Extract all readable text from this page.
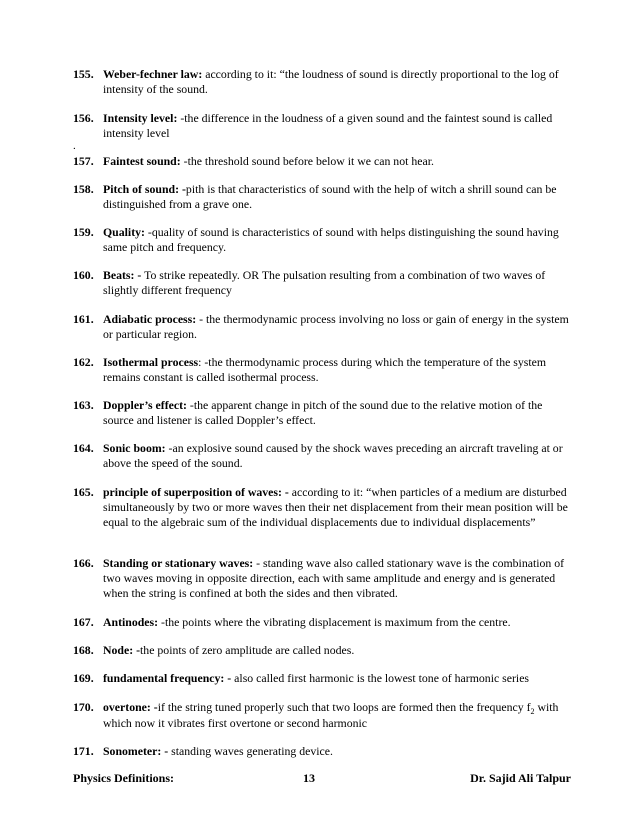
155. Weber-fechner law: according to it: “the loudness of sound is directly proportional to the log of intensity of the sound.
156. Intensity level: -the difference in the loudness of a given sound and the faintest sound is called intensity level
.
157. Faintest sound: -the threshold sound before below it we can not hear.
158. Pitch of sound: -pith is that characteristics of sound with the help of witch a shrill sound can be distinguished from a grave one.
159. Quality: -quality of sound is characteristics of sound with helps distinguishing the sound having same pitch and frequency.
160. Beats: - To strike repeatedly. OR The pulsation resulting from a combination of two waves of slightly different frequency
161. Adiabatic process: - the thermodynamic process involving no loss or gain of energy in the system or particular region.
162. Isothermal process: -the thermodynamic process during which the temperature of the system remains constant is called isothermal process.
163. Doppler’s effect: -the apparent change in pitch of the sound due to the relative motion of the source and listener is called Doppler’s effect.
164. Sonic boom: -an explosive sound caused by the shock waves preceding an aircraft traveling at or above the speed of the sound.
165. principle of superposition of waves: - according to it: “when particles of a medium are disturbed simultaneously by two or more waves then their net displacement from their mean position will be equal to the algebraic sum of the individual displacements due to individual displacements”
166. Standing or stationary waves: - standing wave also called stationary wave is the combination of two waves moving in opposite direction, each with same amplitude and energy and is generated when the string is confined at both the sides and then vibrated.
167. Antinodes: -the points where the vibrating displacement is maximum from the centre.
168. Node: -the points of zero amplitude are called nodes.
169. fundamental frequency: - also called first harmonic is the lowest tone of harmonic series
170. overtone: -if the string tuned properly such that two loops are formed then the frequency $f_2$ with which now it vibrates first overtone or second harmonic
171. Sonometer: - standing waves generating device.
Physics Definitions:	13	Dr. Sajid Ali Talpur
